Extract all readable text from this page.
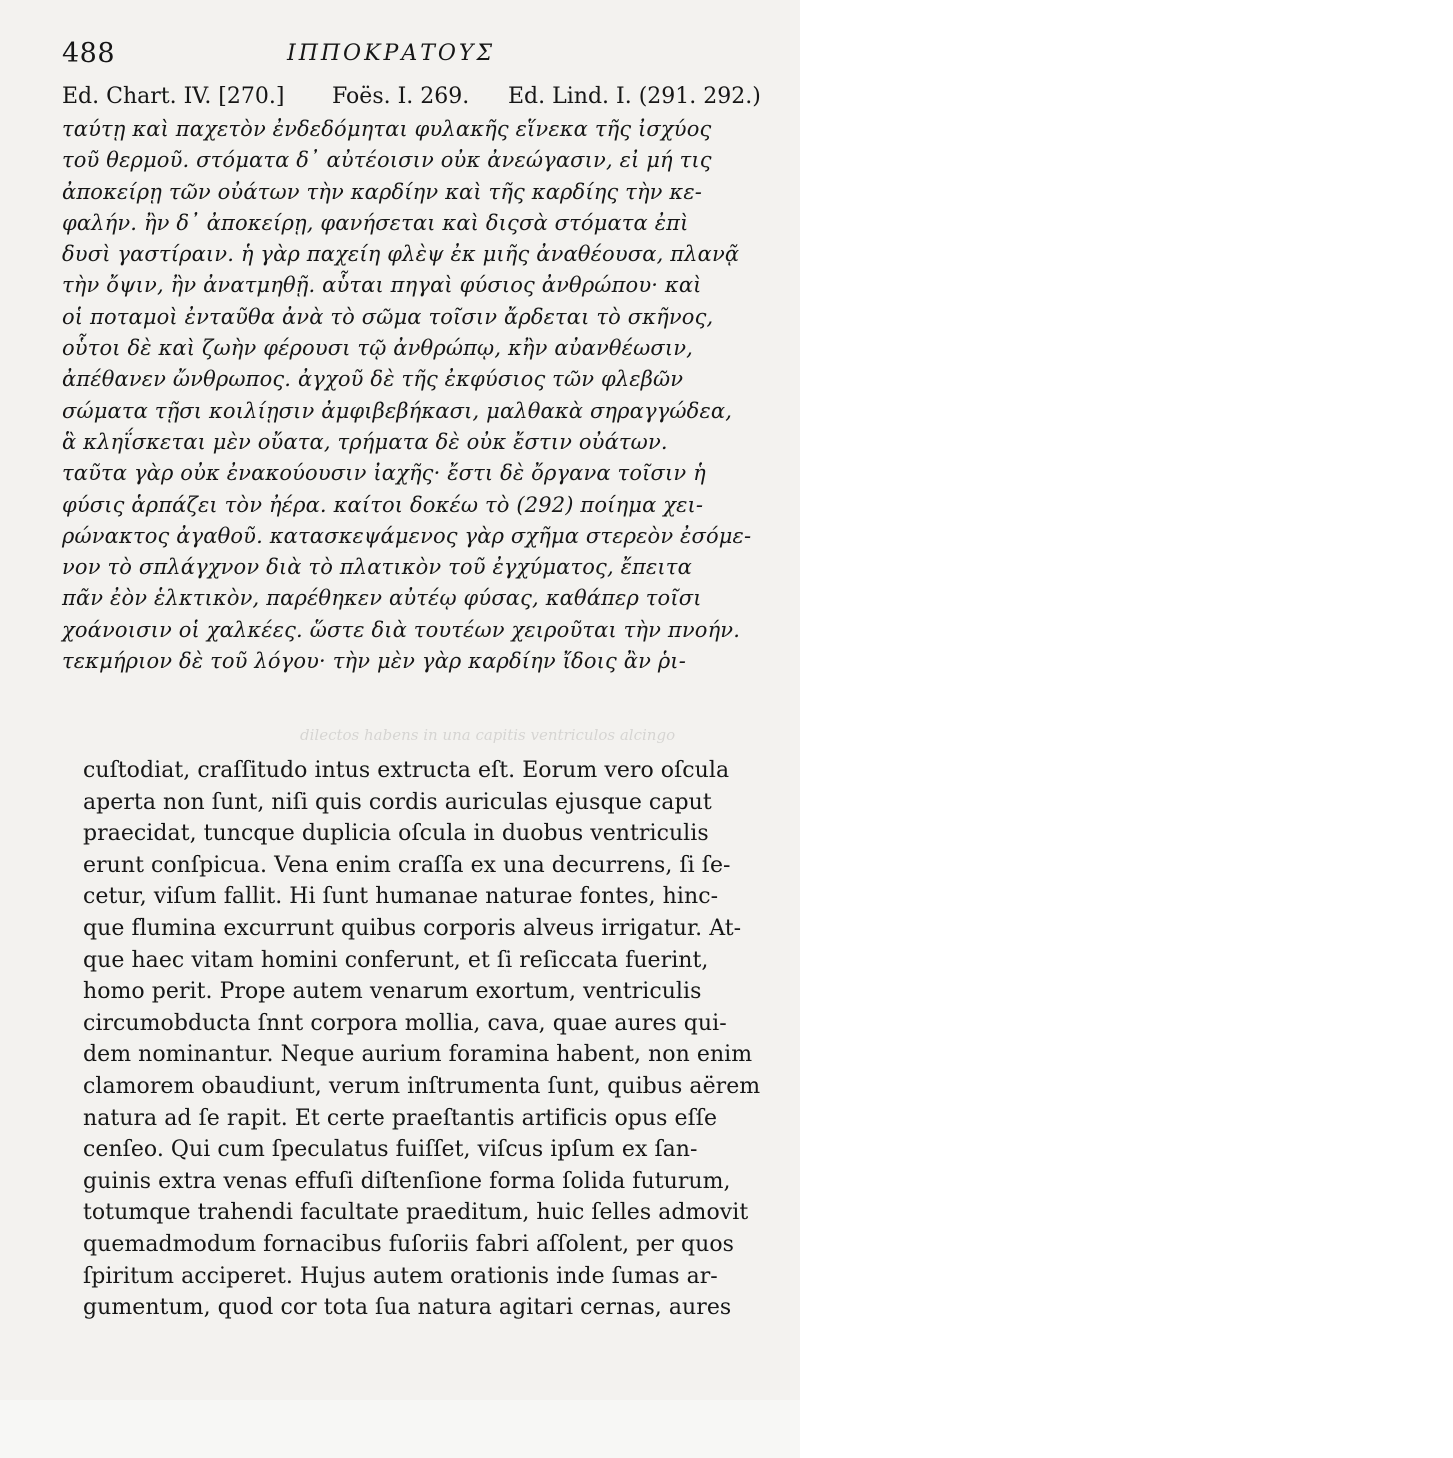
488	ΙΠΠΟΚΡΑΤΟΥΣ
Ed. Chart. IV. [270.] Foës. I. 269. Ed. Lind. I. (291. 292.)
ταύτῃ καὶ παχετὸν ἐνδεδόμηται φυλακῆς εἵνεκα τῆς ἰσχύος
τοῦ θερμοῦ. στόματα δ᾽ αὐτέοισιν οὐκ ἀνεώγασιν, εἰ μή τις
ἀποκείρῃ τῶν οὐάτων τὴν καρδίην καὶ τῆς καρδίης τὴν κε-
φαλήν. ἢν δ᾽ ἀποκείρῃ, φανήσεται καὶ διςσὰ στόματα ἐπὶ
δυσὶ γαστίραιν. ἡ γὰρ παχείη φλὲψ ἐκ μιῆς ἀναθέουσα, πλανᾷ
τὴν ὄψιν, ἢν ἀνατμηθῇ. αὗται πηγαὶ φύσιος ἀνθρώπου· καὶ
οἱ ποταμοὶ ἐνταῦθα ἀνὰ τὸ σῶμα τοῖσιν ἄρδεται τὸ σκῆνος,
οὗτοι δὲ καὶ ζωὴν φέρουσι τῷ ἀνθρώπῳ, κἢν αὐανθέωσιν,
ἀπέθανεν ὤνθρωπος. ἀγχοῦ δὲ τῆς ἐκφύσιος τῶν φλεβῶν
σώματα τῇσι κοιλίῃσιν ἀμφιβεβήκασι, μαλθακὰ σηραγγώδεα,
ἃ κληΐσκεται μὲν οὔατα, τρήματα δὲ οὐκ ἔστιν οὐάτων.
ταῦτα γὰρ οὐκ ἐνακούουσιν ἰαχῆς· ἔστι δὲ ὄργανα τοῖσιν ἡ
φύσις ἁρπάζει τὸν ἠέρα. καίτοι δοκέω τὸ (292) ποίημα χει-
ρώνακτος ἀγαθοῦ. κατασκεψάμενος γὰρ σχῆμα στερεὸν ἐσόμε-
νον τὸ σπλάγχνον διὰ τὸ πλατικὸν τοῦ ἐγχύματος, ἔπειτα
πᾶν ἐὸν ἑλκτικὸν, παρέθηκεν αὐτέῳ φύσας, καθάπερ τοῖσι
χοάνοισιν οἱ χαλκέες. ὥστε διὰ τουτέων χειροῦται τὴν πνοήν.
τεκμήριον δὲ τοῦ λόγου· τὴν μὲν γὰρ καρδίην ἴδοις ἂν ῥι-
dilectos habens in una capitis ventriculos alcingo
cuſtodiat, craſſitudo intus extructa eſt. Eorum vero oſcula
aperta non ſunt, niſi quis cordis auriculas ejusque caput
praecidat, tuncque duplicia oſcula in duobus ventriculis
erunt conſpicua. Vena enim craſſa ex una decurrens, ſi ſe-
cetur, viſum fallit. Hi ſunt humanae naturae fontes, hinc-
que flumina excurrunt quibus corporis alveus irrigatur. At-
que haec vitam homini conferunt, et ſi reſiccata fuerint,
homo perit. Prope autem venarum exortum, ventriculis
circumobducta ſnnt corpora mollia, cava, quae aures qui-
dem nominantur. Neque aurium foramina habent, non enim
clamorem obaudiunt, verum inſtrumenta ſunt, quibus aërem
natura ad ſe rapit. Et certe praeſtantis artificis opus eſſe
cenſeo. Qui cum ſpeculatus fuiſſet, viſcus ipſum ex ſan-
guinis extra venas effuſi diſtenſione forma ſolida futurum,
totumque trahendi facultate praeditum, huic ſelles admovit
quemadmodum fornacibus fuſoriis fabri aſſolent, per quos
ſpiritum acciperet. Hujus autem orationis inde ſumas ar-
gumentum, quod cor tota ſua natura agitari cernas, aures
